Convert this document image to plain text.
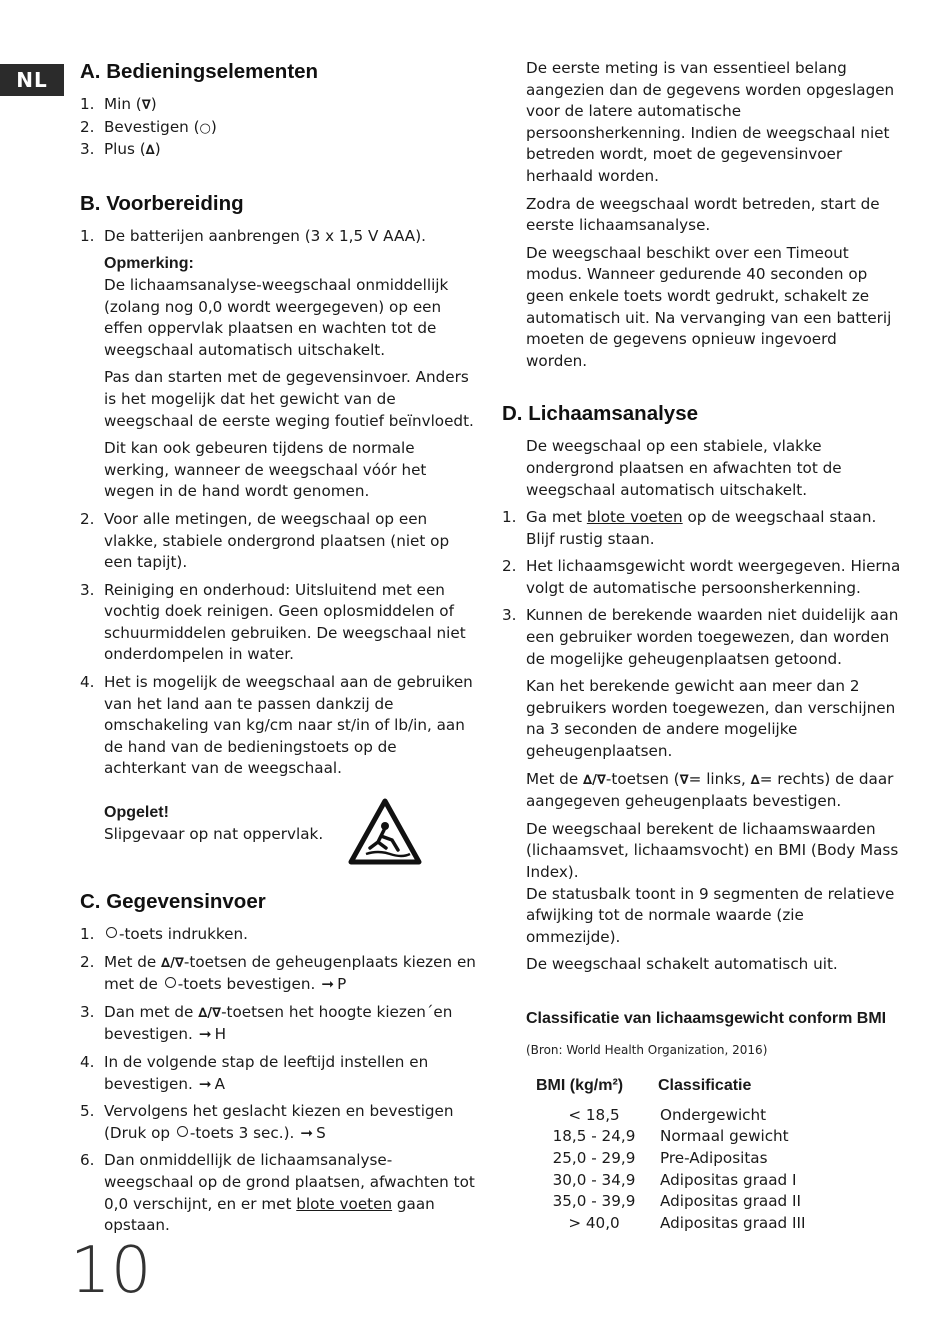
NL	A. Bedieningselementen
1. Min (∇)
2. Bevestigen (○)
3. Plus (∆)
B. Voorbereiding
1. De batterijen aanbrengen (3 x 1,5 V AAA).
Opmerking:

De lichaamsanalyse-weegschaal onmiddellijk (zolang nog 0,0 wordt weergegeven) op een effen oppervlak plaatsen en wachten tot de weegschaal automatisch uitschakelt.

Pas dan starten met de gegevensinvoer. Anders is het mogelijk dat het gewicht van de weegschaal de eerste weging foutief beïnvloedt.

Dit kan ook gebeuren tijdens de normale werking, wanneer de weegschaal vóór het wegen in de hand wordt genomen.

2. Voor alle metingen, de weegschaal op een vlakke, stabiele ondergrond plaatsen (niet op een tapijt).
3. Reiniging en onderhoud: Uitsluitend met een vochtig doek reinigen. Geen oplosmiddelen of schuurmiddelen gebruiken. De weegschaal niet onderdompelen in water.
4. Het is mogelijk de weegschaal aan de gebruiken van het land aan te passen dankzij de omschakeling van kg/cm naar st/in of lb/in, aan de hand van de bedieningstoets op de achterkant van de weegschaal.
Opgelet!
Slipgevaar op nat oppervlak.
C. Gegevensinvoer
1. -toets indrukken.
2. Met de ∆/∇-toetsen de geheugenplaats kiezen en met de -toets bevestigen. ➞ P
3. Dan met de ∆/∇-toetsen het hoogte kiezen´en bevestigen. ➞ H
4. In de volgende stap de leeftijd instellen en bevestigen. ➞ A
5. Vervolgens het geslacht kiezen en bevestigen (Druk op -toets 3 sec.). ➞ S
6. Dan onmiddellijk de lichaamsanalyse-weegschaal op de grond plaatsen, afwachten tot 0,0 verschijnt, en er met blote voeten gaan opstaan.

De eerste meting is van essentieel belang aangezien dan de gegevens worden opgeslagen voor de latere automatische persoonsherkenning. Indien de weegschaal niet betreden wordt, moet de gegevensinvoer herhaald worden.

Zodra de weegschaal wordt betreden, start de eerste lichaamsanalyse.

De weegschaal beschikt over een Timeout modus. Wanneer gedurende 40 seconden op geen enkele toets wordt gedrukt, schakelt ze automatisch uit. Na vervanging van een batterij moeten de gegevens opnieuw ingevoerd worden.

D. Lichaamsanalyse

De weegschaal op een stabiele, vlakke ondergrond plaatsen en afwachten tot de weegschaal automatisch uitschakelt.

1. Ga met blote voeten op de weegschaal staan. Blijf rustig staan.
2. Het lichaamsgewicht wordt weergegeven. Hierna volgt de automatische persoonsherkenning.
3. Kunnen de berekende waarden niet duidelijk aan een gebruiker worden toegewezen, dan worden de mogelijke geheugenplaatsen getoond.

Kan het berekende gewicht aan meer dan 2 gebruikers worden toegewezen, dan verschijnen na 3 seconden de andere mogelijke geheugenplaatsen.

Met de ∆/∇-toetsen (∇= links, ∆= rechts) de daar aangegeven geheugenplaats bevestigen.

De weegschaal berekent de lichaamswaarden (lichaamsvet, lichaamsvocht) en BMI (Body Mass Index).

De statusbalk toont in 9 segmenten de relatieve afwijking tot de normale waarde (zie ommezijde).

De weegschaal schakelt automatisch uit.

Classificatie van lichaamsgewicht conform BMI
(Bron: World Health Organization, 2016)
BMI (kg/m²)	Classificatie
< 18,5	Ondergewicht
18,5 - 24,9	Normaal gewicht
25,0 - 29,9	Pre-Adipositas
30,0 - 34,9	Adipositas graad I
35,0 - 39,9	Adipositas graad II
> 40,0	Adipositas graad III
10
